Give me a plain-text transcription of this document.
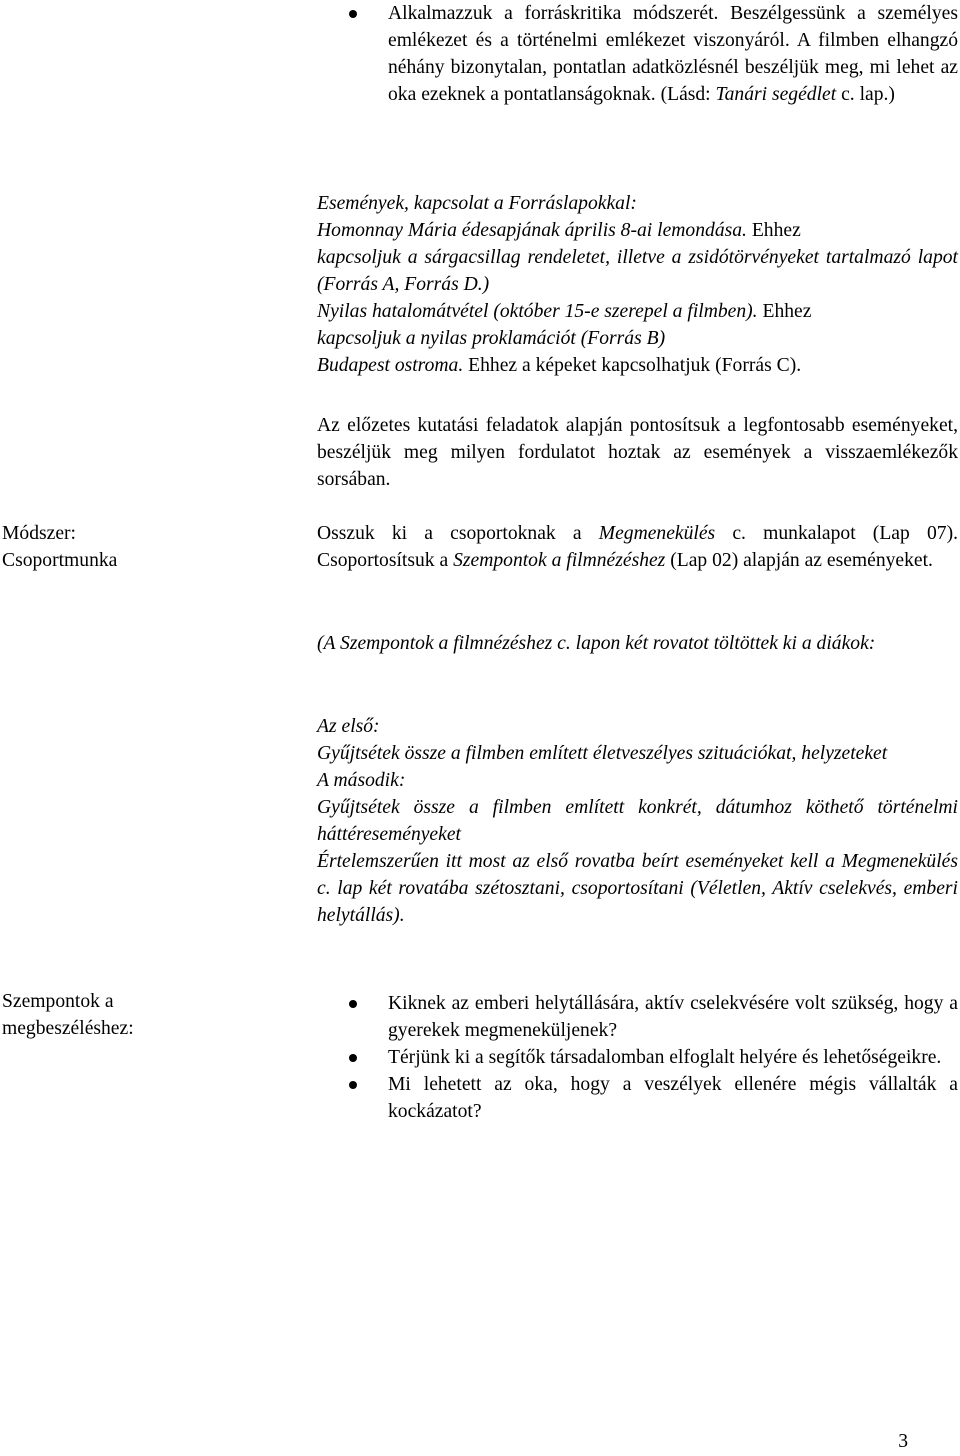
Alkalmazzuk a forráskritika módszerét. Beszélgessünk a személyes emlékezet és a történelmi emlékezet viszonyáról. A filmben elhangzó néhány bizonytalan, pontatlan adatközlésnél beszéljük meg, mi lehet az oka ezeknek a pontatlanságoknak. (Lásd: Tanári segédlet c. lap.)

Események, kapcsolat a Forráslapokkal:

Homonnay Mária édesapjának április 8-ai lemondása. Ehhez

kapcsoljuk a sárgacsillag rendeletet, illetve a zsidótörvényeket tartalmazó lapot (Forrás A, Forrás D.)

Nyilas hatalomátvétel (október 15-e szerepel a filmben). Ehhez

kapcsoljuk a nyilas proklamációt (Forrás B)

Budapest ostroma. Ehhez a képeket kapcsolhatjuk (Forrás C).

Az előzetes kutatási feladatok alapján pontosítsuk a legfontosabb eseményeket, beszéljük meg milyen fordulatot hoztak az események a visszaemlékezők sorsában.

Módszer:
Csoportmunka

Osszuk ki a csoportoknak a Megmenekülés c. munkalapot (Lap 07). Csoportosítsuk a Szempontok a filmnézéshez (Lap 02) alapján az eseményeket.

(A Szempontok a filmnézéshez c. lapon két rovatot töltöttek ki a diákok:

Az első:

Gyűjtsétek össze a filmben említett életveszélyes szituációkat, helyzeteket

A második:

Gyűjtsétek össze a filmben említett konkrét, dátumhoz köthető történelmi háttéreseményeket

Értelemszerűen itt most az első rovatba beírt eseményeket kell a Megmenekülés c. lap két rovatába szétosztani, csoportosítani (Véletlen, Aktív cselekvés, emberi helytállás).

Szempontok a
megbeszéléshez:
Kiknek az emberi helytállására, aktív cselekvésére volt szükség, hogy a gyerekek megmeneküljenek?
Térjünk ki a segítők társadalomban elfoglalt helyére és lehetőségeikre.
Mi lehetett az oka, hogy a veszélyek ellenére mégis vállalták a kockázatot?
3
